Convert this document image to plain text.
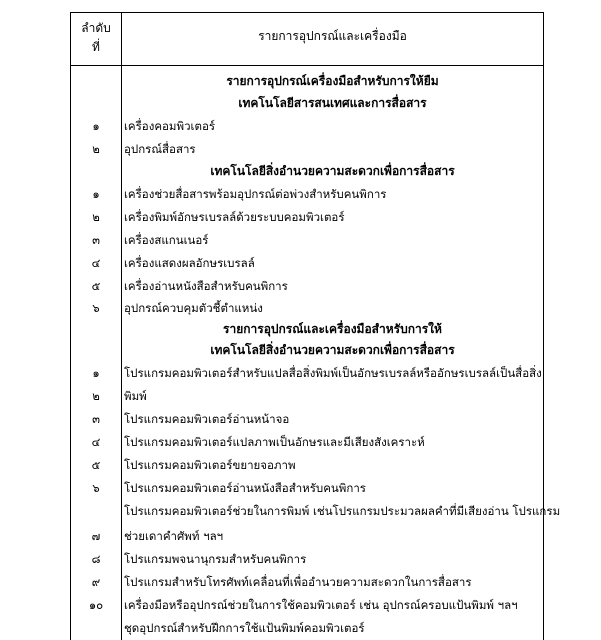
ลำดับ
ที่
รายการอุปกรณ์และเครื่องมือ
รายการอุปกรณ์เครื่องมือสำหรับการให้ยืม
เทคโนโลยีสารสนเทศและการสื่อสาร
๑	เครื่องคอมพิวเตอร์
๒	อุปกรณ์สื่อสาร
เทคโนโลยีสิ่งอำนวยความสะดวกเพื่อการสื่อสาร
๑	เครื่องช่วยสื่อสารพร้อมอุปกรณ์ต่อพ่วงสำหรับคนพิการ
๒	เครื่องพิมพ์อักษรเบรลล์ด้วยระบบคอมพิวเตอร์
๓	เครื่องสแกนเนอร์
๔	เครื่องแสดงผลอักษรเบรลล์
๕	เครื่องอ่านหนังสือสำหรับคนพิการ
๖	อุปกรณ์ควบคุมตัวชี้ตำแหน่ง
รายการอุปกรณ์และเครื่องมือสำหรับการให้
เทคโนโลยีสิ่งอำนวยความสะดวกเพื่อการสื่อสาร
๑	โปรแกรมคอมพิวเตอร์สำหรับแปลสื่อสิ่งพิมพ์เป็นอักษรเบรลล์หรืออักษรเบรลล์เป็นสื่อสิ่ง
๒	พิมพ์
๓	โปรแกรมคอมพิวเตอร์อ่านหน้าจอ
๔	โปรแกรมคอมพิวเตอร์แปลภาพเป็นอักษรและมีเสียงสังเคราะห์
๕	โปรแกรมคอมพิวเตอร์ขยายจอภาพ
๖	โปรแกรมคอมพิวเตอร์อ่านหนังสือสำหรับคนพิการ
โปรแกรมคอมพิวเตอร์ช่วยในการพิมพ์ เช่นโปรแกรมประมวลผลคำที่มีเสียงอ่าน โปรแกรม
๗	ช่วยเดาคำศัพท์ ฯลฯ
๘	โปรแกรมพจนานุกรมสำหรับคนพิการ
๙	โปรแกรมสำหรับโทรศัพท์เคลื่อนที่เพื่ออำนวยความสะดวกในการสื่อสาร
๑๐	เครื่องมือหรืออุปกรณ์ช่วยในการใช้คอมพิวเตอร์ เช่น อุปกรณ์ครอบแป้นพิมพ์ ฯลฯ
ชุดอุปกรณ์สำหรับฝึกการใช้แป้นพิมพ์คอมพิวเตอร์
